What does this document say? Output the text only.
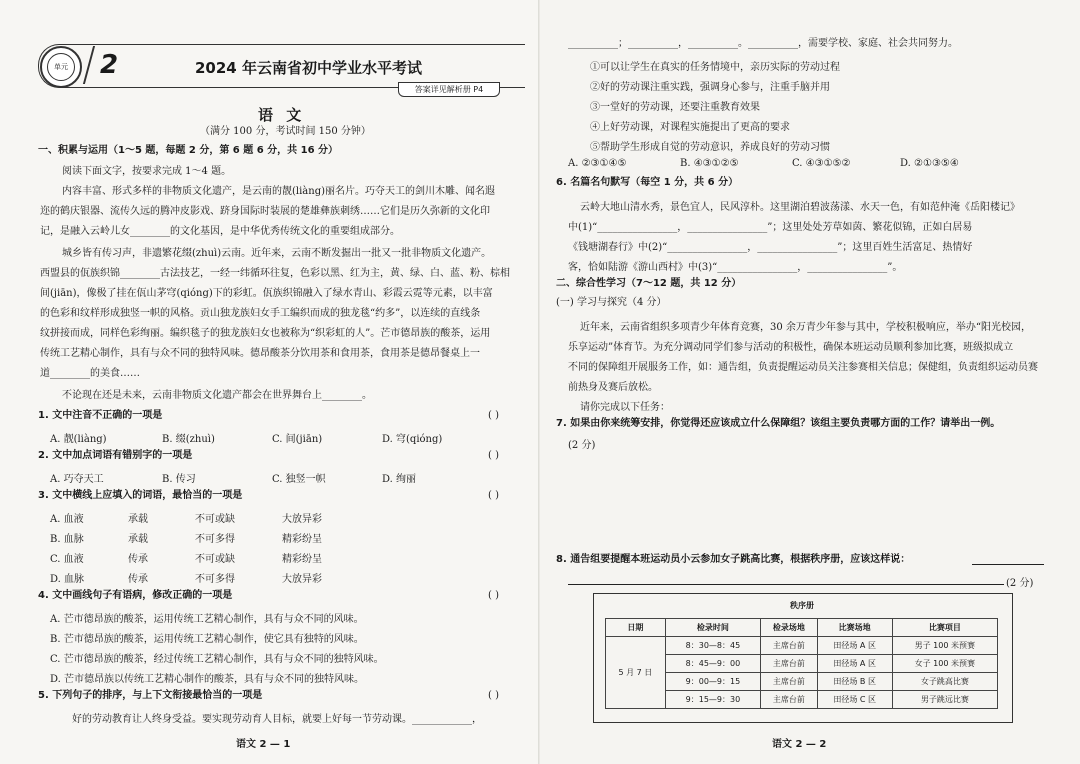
单元 2	2024 年云南省初中学业水平考试
答案详见解析册 P4
语 文
（满分 100 分，考试时间 150 分钟）
一、积累与运用（1～5 题，每题 2 分，第 6 题 6 分，共 16 分）
阅读下面文字，按要求完成 1～4 题。
内容丰富、形式多样的非物质文化遗产，是云南的靓(liàng)丽名片。巧夺天工的剑川木雕、闻名遐
迩的鹤庆银器、流传久远的腾冲皮影戏、跻身国际时装展的楚雄彝族刺绣……它们是历久弥新的文化印
记，是融入云岭儿女________的文化基因，是中华优秀传统文化的重要组成部分。
城乡皆有传习声，非遗繁花缀(zhuì)云南。近年来，云南不断发掘出一批又一批非物质文化遗产。
西盟县的佤族织锦________古法技艺，一经一纬循环往复，色彩以黑、红为主，黄、绿、白、蓝、粉、棕相
间(jiān)，像极了挂在佤山茅穹(qióng)下的彩虹。佤族织锦融入了绿水青山、彩霞云霓等元素，以丰富
的色彩和纹样形成独竖一帜的风格。贡山独龙族妇女手工编织而成的独龙毯“约多”，以连续的直线条
纹拼接而成，同样色彩绚丽。编织毯子的独龙族妇女也被称为“织彩虹的人”。芒市德昂族的酸茶，运用
传统工艺精心制作，具有与众不同的独特风味。德昂酸茶分饮用茶和食用茶，食用茶是德昂餐桌上一
道________的美食……
不论现在还是未来，云南非物质文化遗产都会在世界舞台上________。
1. 文中注音不正确的一项是	( )
A. 靓(liàng)	B. 缀(zhuì)	C. 间(jiān)	D. 穹(qióng)
2. 文中加点词语有错别字的一项是	( )
A. 巧夺天工	B. 传习	C. 独竖一帜	D. 绚丽
3. 文中横线上应填入的词语，最恰当的一项是	( )
A. 血液	承载	不可或缺	大放异彩
B. 血脉	承载	不可多得	精彩纷呈
C. 血液	传承	不可或缺	精彩纷呈
D. 血脉	传承	不可多得	大放异彩
4. 文中画线句子有语病，修改正确的一项是	( )
A. 芒市德昂族的酸茶，运用传统工艺精心制作，具有与众不同的风味。
B. 芒市德昂族的酸茶，运用传统工艺精心制作，使它具有独特的风味。
C. 芒市德昂族的酸茶，经过传统工艺精心制作，具有与众不同的独特风味。
D. 芒市德昂族以传统工艺精心制作的酸茶，具有与众不同的独特风味。
5. 下列句子的排序，与上下文衔接最恰当的一项是	( )
好的劳动教育让人终身受益。要实现劳动育人目标，就要上好每一节劳动课。____________，
语文 2 — 1
__________；__________，__________。__________，需要学校、家庭、社会共同努力。
①可以让学生在真实的任务情境中，亲历实际的劳动过程
②好的劳动课注重实践，强调身心参与，注重手脑并用
③一堂好的劳动课，还要注重教育效果
④上好劳动课，对课程实施提出了更高的要求
⑤帮助学生形成自觉的劳动意识，养成良好的劳动习惯
A. ②③①④⑤	B. ④③①②⑤	C. ④③①⑤②	D. ②①③⑤④
6. 名篇名句默写（每空 1 分，共 6 分）
云岭大地山清水秀，景色宜人，民风淳朴。这里湖泊碧波荡漾、水天一色，有如范仲淹《岳阳楼记》
中(1)“________________，________________”；这里处处芳草如茵、繁花似锦，正如白居易
《钱塘湖春行》中(2)“________________，________________”；这里百姓生活富足、热情好
客，恰如陆游《游山西村》中(3)“________________，________________”。
二、综合性学习（7～12 题，共 12 分）
(一) 学习与探究（4 分）
近年来，云南省组织多项青少年体育竞赛，30 余万青少年参与其中，学校积极响应，举办“阳光校园，
乐享运动”体育节。为充分调动同学们参与活动的积极性，确保本班运动员顺利参加比赛，班级拟成立
不同的保障组开展服务工作，如：通告组，负责提醒运动员关注参赛相关信息；保健组，负责组织运动员赛
前热身及赛后放松。
请你完成以下任务：
7. 如果由你来统筹安排，你觉得还应该成立什么保障组？该组主要负责哪方面的工作？请举出一例。
(2 分)
8. 通告组要提醒本班运动员小云参加女子跳高比赛，根据秩序册，应该这样说：
(2 分)
秩序册
日期	检录时间	检录场地	比赛场地	比赛项目
5 月 7 日	8：30—8：45	主席台前	田径场 A 区	男子 100 米预赛
	8：45—9：00	主席台前	田径场 A 区	女子 100 米预赛
	9：00—9：15	主席台前	田径场 B 区	女子跳高比赛
	9：15—9：30	主席台前	田径场 C 区	男子跳远比赛
语文 2 — 2
